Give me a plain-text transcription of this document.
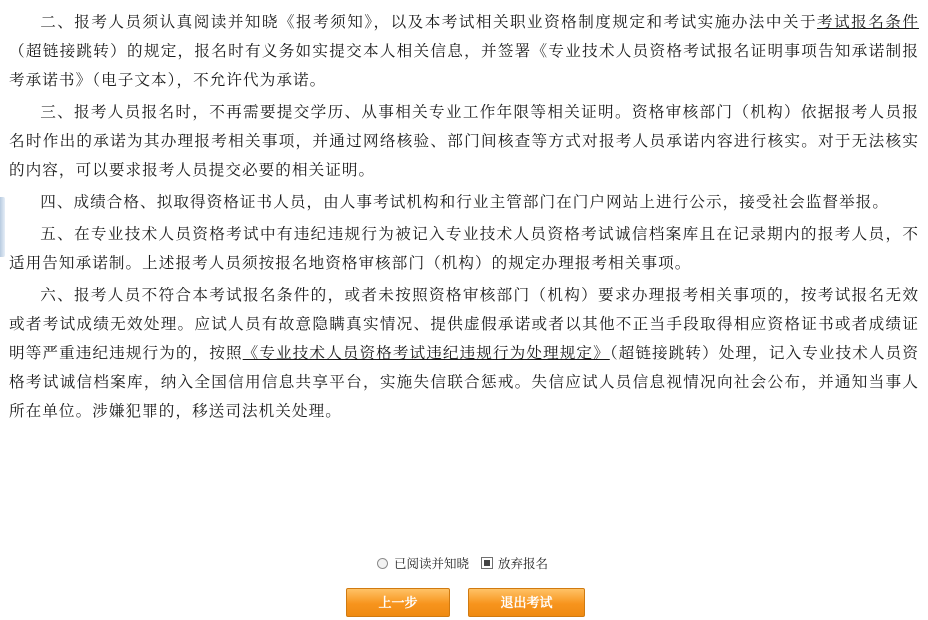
二、报考人员须认真阅读并知晓《报考须知》，以及本考试相关职业资格制度规定和考试实施办法中关于考试报名条件（超链接跳转）的规定，报名时有义务如实提交本人相关信息，并签署《专业技术人员资格考试报名证明事项告知承诺制报考承诺书》（电子文本），不允许代为承诺。

三、报考人员报名时，不再需要提交学历、从事相关专业工作年限等相关证明。资格审核部门（机构）依据报考人员报名时作出的承诺为其办理报考相关事项，并通过网络核验、部门间核查等方式对报考人员承诺内容进行核实。对于无法核实的内容，可以要求报考人员提交必要的相关证明。

四、成绩合格、拟取得资格证书人员，由人事考试机构和行业主管部门在门户网站上进行公示，接受社会监督举报。

五、在专业技术人员资格考试中有违纪违规行为被记入专业技术人员资格考试诚信档案库且在记录期内的报考人员，不适用告知承诺制。上述报考人员须按报名地资格审核部门（机构）的规定办理报考相关事项。

六、报考人员不符合本考试报名条件的，或者未按照资格审核部门（机构）要求办理报考相关事项的，按考试报名无效或者考试成绩无效处理。应试人员有故意隐瞒真实情况、提供虚假承诺或者以其他不正当手段取得相应资格证书或者成绩证明等严重违纪违规行为的，按照《专业技术人员资格考试违纪违规行为处理规定》（超链接跳转）处理，记入专业技术人员资格考试诚信档案库，纳入全国信用信息共享平台，实施失信联合惩戒。失信应试人员信息视情况向社会公布，并通知当事人所在单位。涉嫌犯罪的，移送司法机关处理。

已阅读并知晓 放弃报名
上一步	退出考试
